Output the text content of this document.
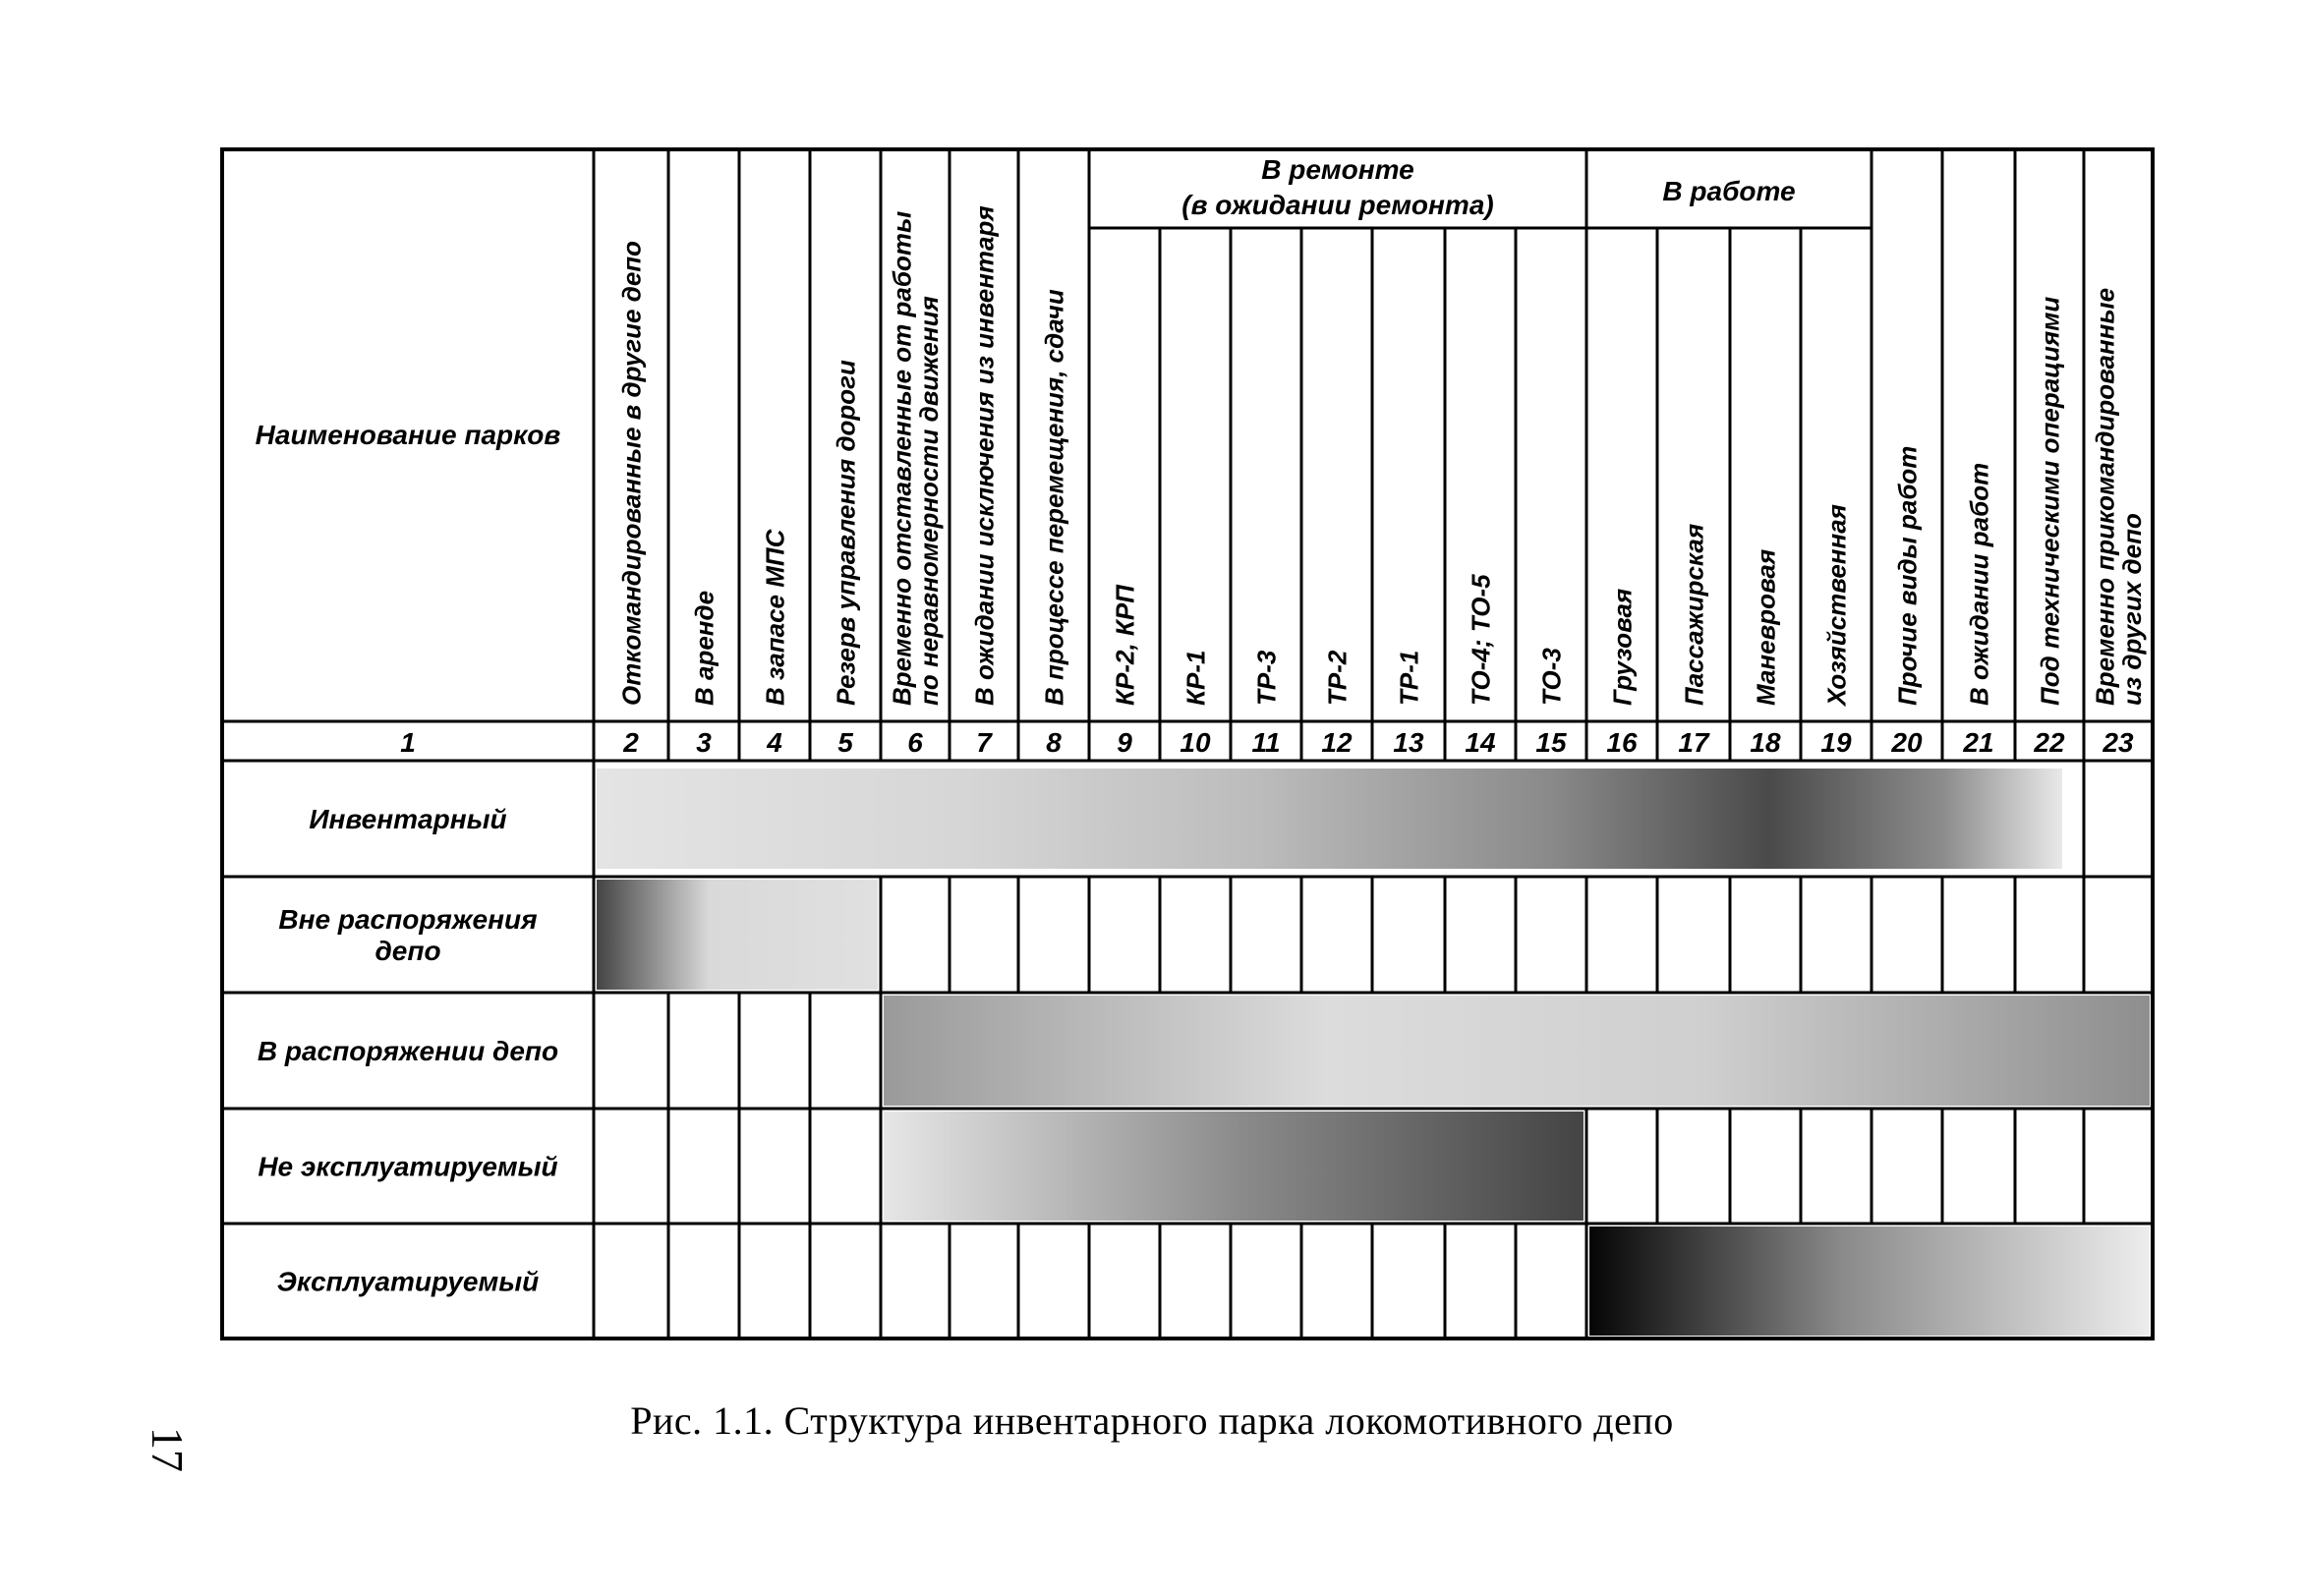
Наименование парков
В ремонте
(в ожидании ремонта)	В работе
Откомандированные в другие депо В аренде В запасе МПС Резерв управления дороги Временно отставленные от работы
по неравномерности движения В ожидании исключения из инвентаря В процессе перемещения, сдачи КР-2, КРП КР-1 ТР-3 ТР-2 ТР-1 ТО-4; ТО-5 ТО-3 Грузовая Пассажирская Маневровая Хозяйственная Прочие виды работ В ожидании работ Под техническими операциями Временно прикомандированные
из других депо
1	2 3 4 5 6 7 8 9 10 11 12 13 14 15 16 17 18 19 20 21 22 23
Инвентарный
Вне распоряжения
депо
В распоряжении депо
Не эксплуатируемый
Эксплуатируемый
Рис. 1.1. Структура инвентарного парка локомотивного депо
17
